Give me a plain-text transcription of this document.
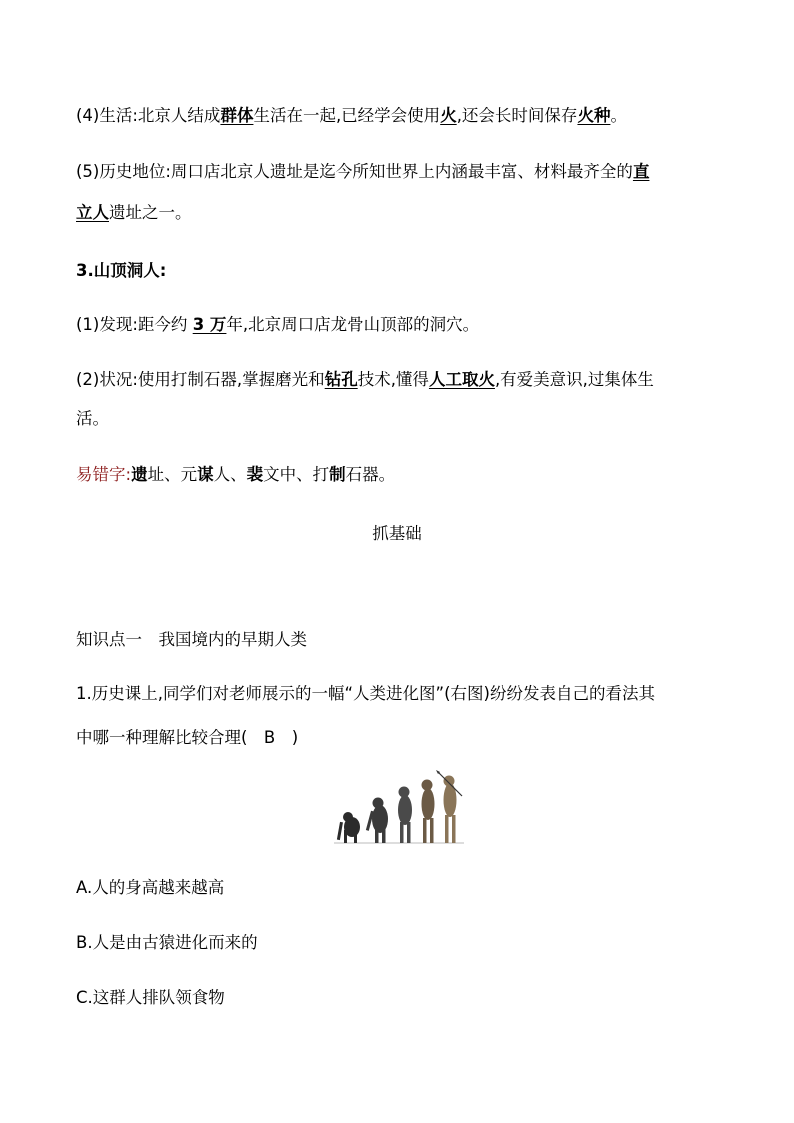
(4)生活:北京人结成群体生活在一起,已经学会使用火,还会长时间保存火种。
(5)历史地位:周口店北京人遗址是迄今所知世界上内涵最丰富、材料最齐全的直
立人遗址之一。
3.山顶洞人:
(1)发现:距今约 3 万年,北京周口店龙骨山顶部的洞穴。
(2)状况:使用打制石器,掌握磨光和钻孔技术,懂得人工取火,有爱美意识,过集体生
活。
易错字:遗址、元谋人、裴文中、打制石器。
抓基础
知识点一　我国境内的早期人类
1.历史课上,同学们对老师展示的一幅“人类进化图”(右图)纷纷发表自己的看法其
中哪一种理解比较合理(　B　)
A.人的身高越来越高
B.人是由古猿进化而来的
C.这群人排队领食物
